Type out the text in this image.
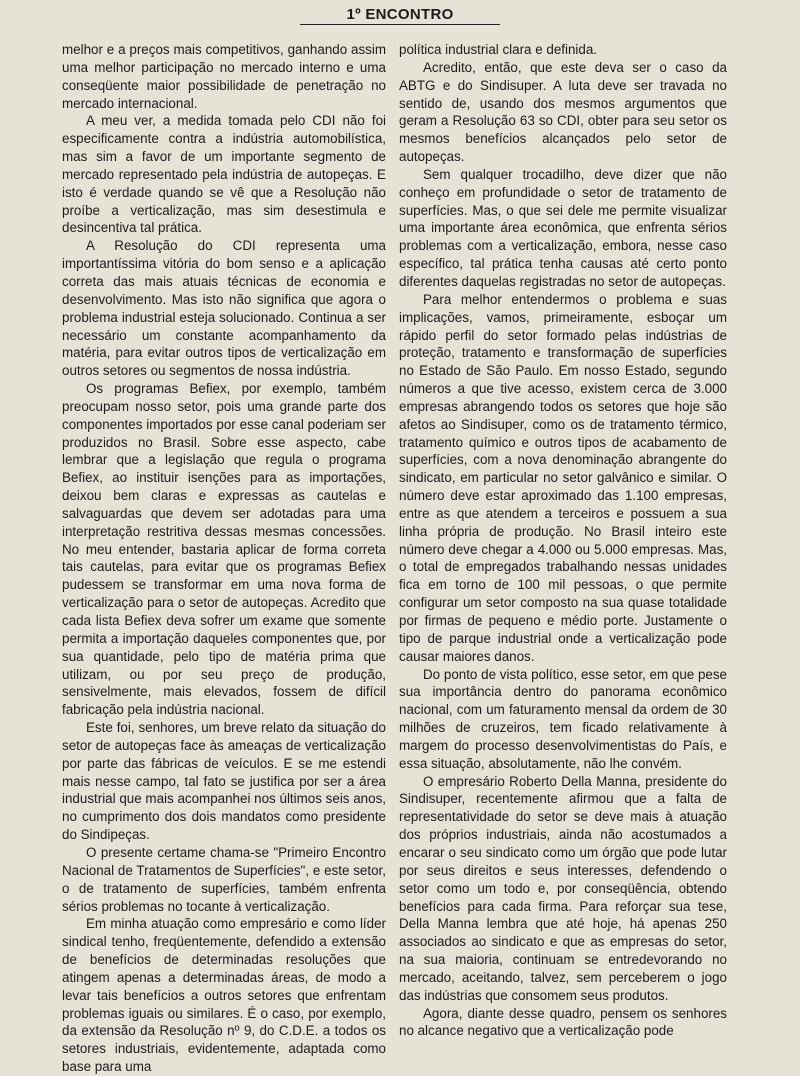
1º ENCONTRO

melhor e a preços mais competitivos, ganhando assim uma melhor participação no mercado interno e uma conseqüente maior possibilidade de penetração no mercado internacional.

A meu ver, a medida tomada pelo CDI não foi especificamente contra a indústria automobilística, mas sim a favor de um importante segmento de mercado representado pela indústria de autopeças. E isto é verdade quando se vê que a Resolução não proíbe a verticalização, mas sim desestimula e desincentiva tal prática.

A Resolução do CDI representa uma importantíssima vitória do bom senso e a aplicação correta das mais atuais técnicas de economia e desenvolvimento. Mas isto não significa que agora o problema industrial esteja solucionado. Continua a ser necessário um constante acompanhamento da matéria, para evitar outros tipos de verticalização em outros setores ou segmentos de nossa indústria.

Os programas Befiex, por exemplo, também preocupam nosso setor, pois uma grande parte dos componentes importados por esse canal poderiam ser produzidos no Brasil. Sobre esse aspecto, cabe lembrar que a legislação que regula o programa Befiex, ao instituir isenções para as importações, deixou bem claras e expressas as cautelas e salvaguardas que devem ser adotadas para uma interpretação restritiva dessas mesmas concessões. No meu entender, bastaria aplicar de forma correta tais cautelas, para evitar que os programas Befiex pudessem se transformar em uma nova forma de verticalização para o setor de autopeças. Acredito que cada lista Befiex deva sofrer um exame que somente permita a importação daqueles componentes que, por sua quantidade, pelo tipo de matéria prima que utilizam, ou por seu preço de produção, sensivelmente, mais elevados, fossem de difícil fabricação pela indústria nacional.

Este foi, senhores, um breve relato da situação do setor de autopeças face às ameaças de verticalização por parte das fábricas de veículos. E se me estendi mais nesse campo, tal fato se justifica por ser a área industrial que mais acompanhei nos últimos seis anos, no cumprimento dos dois mandatos como presidente do Sindipeças.

O presente certame chama-se "Primeiro Encontro Nacional de Tratamentos de Superfícies", e este setor, o de tratamento de superfícies, também enfrenta sérios problemas no tocante à verticalização.

Em minha atuação como empresário e como líder sindical tenho, freqüentemente, defendido a extensão de benefícios de determinadas resoluções que atingem apenas a determinadas áreas, de modo a levar tais benefícios a outros setores que enfrentam problemas iguais ou similares. É o caso, por exemplo, da extensão da Resolução nº 9, do C.D.E. a todos os setores industriais, evidentemente, adaptada como base para uma

política industrial clara e definida.

Acredito, então, que este deva ser o caso da ABTG e do Sindisuper. A luta deve ser travada no sentido de, usando dos mesmos argumentos que geram a Resolução 63 so CDI, obter para seu setor os mesmos benefícios alcançados pelo setor de autopeças.

Sem qualquer trocadilho, deve dizer que não conheço em profundidade o setor de tratamento de superfícies. Mas, o que sei dele me permite visualizar uma importante área econômica, que enfrenta sérios problemas com a verticalização, embora, nesse caso específico, tal prática tenha causas até certo ponto diferentes daquelas registradas no setor de autopeças.

Para melhor entendermos o problema e suas implicações, vamos, primeiramente, esboçar um rápido perfil do setor formado pelas indústrias de proteção, tratamento e transformação de superfícies no Estado de São Paulo. Em nosso Estado, segundo números a que tive acesso, existem cerca de 3.000 empresas abrangendo todos os setores que hoje são afetos ao Sindisuper, como os de tratamento térmico, tratamento químico e outros tipos de acabamento de superfícies, com a nova denominação abrangente do sindicato, em particular no setor galvânico e similar. O número deve estar aproximado das 1.100 empresas, entre as que atendem a terceiros e possuem a sua linha própria de produção. No Brasil inteiro este número deve chegar a 4.000 ou 5.000 empresas. Mas, o total de empregados trabalhando nessas unidades fica em torno de 100 mil pessoas, o que permite configurar um setor composto na sua quase totalidade por firmas de pequeno e médio porte. Justamente o tipo de parque industrial onde a verticalização pode causar maiores danos.

Do ponto de vista político, esse setor, em que pese sua importância dentro do panorama econômico nacional, com um faturamento mensal da ordem de 30 milhões de cruzeiros, tem ficado relativamente à margem do processo desenvolvimentistas do País, e essa situação, absolutamente, não lhe convém.

O empresário Roberto Della Manna, presidente do Sindisuper, recentemente afirmou que a falta de representatividade do setor se deve mais à atuação dos próprios industriais, ainda não acostumados a encarar o seu sindicato como um órgão que pode lutar por seus direitos e seus interesses, defendendo o setor como um todo e, por conseqüência, obtendo benefícios para cada firma. Para reforçar sua tese, Della Manna lembra que até hoje, há apenas 250 associados ao sindicato e que as empresas do setor, na sua maioria, continuam se entredevorando no mercado, aceitando, talvez, sem perceberem o jogo das indústrias que consomem seus produtos.

Agora, diante desse quadro, pensem os senhores no alcance negativo que a verticalização pode
